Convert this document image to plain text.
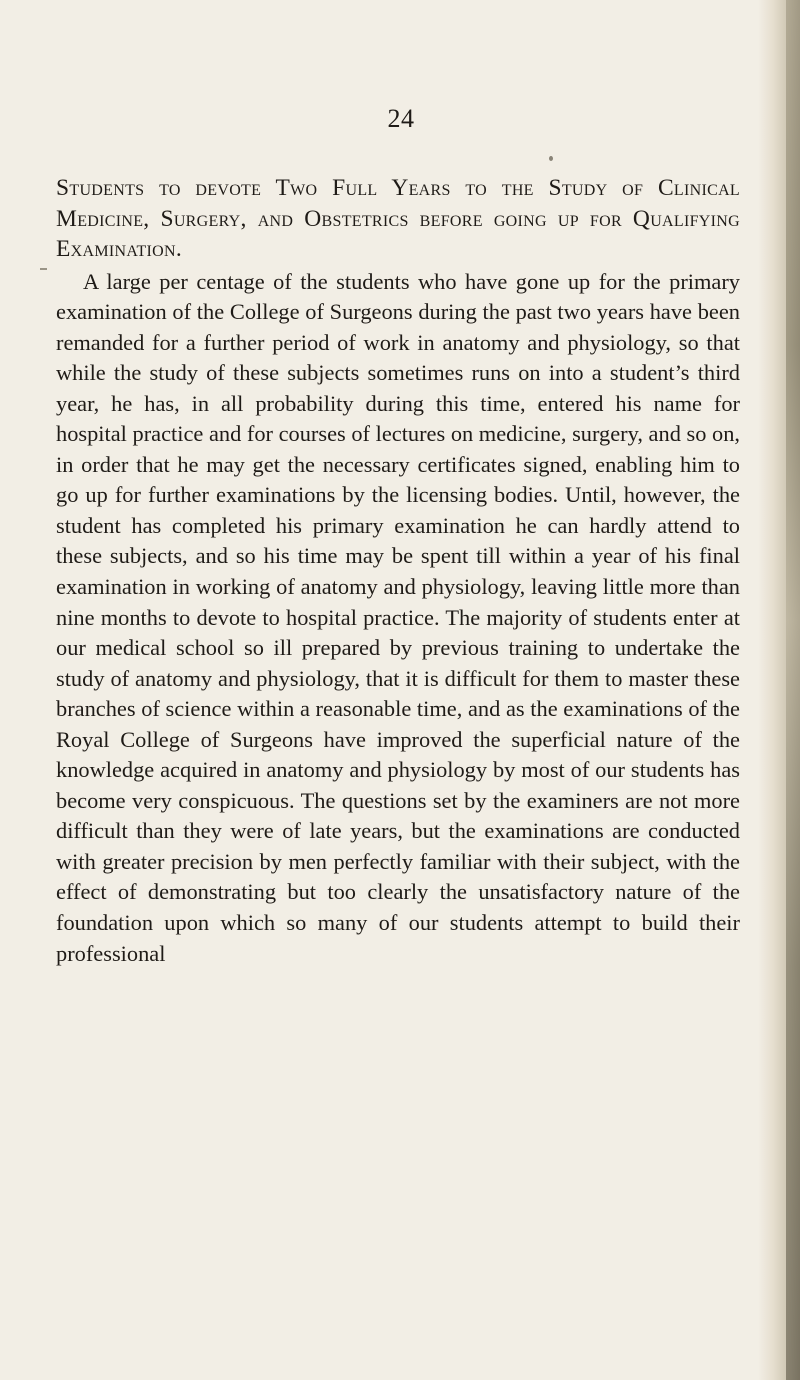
24

Students to devote Two Full Years to the Study of Clinical Medicine, Surgery, and Obstetrics before going up for Qualifying Examination.

A large per centage of the students who have gone up for the primary examination of the College of Surgeons during the past two years have been remanded for a further period of work in anatomy and physiology, so that while the study of these subjects sometimes runs on into a student’s third year, he has, in all probability during this time, entered his name for hospital practice and for courses of lectures on medicine, surgery, and so on, in order that he may get the necessary certificates signed, enabling him to go up for further examinations by the licensing bodies. Until, however, the student has completed his primary examination he can hardly attend to these subjects, and so his time may be spent till within a year of his final examination in working of anatomy and physiology, leaving little more than nine months to devote to hospital practice. The majority of students enter at our medical school so ill prepared by previous training to undertake the study of anatomy and physiology, that it is difficult for them to master these branches of science within a reasonable time, and as the examinations of the Royal College of Surgeons have improved the superficial nature of the knowledge acquired in anatomy and physiology by most of our students has become very conspicuous. The questions set by the examiners are not more difficult than they were of late years, but the examinations are conducted with greater precision by men perfectly familiar with their subject, with the effect of demonstrating but too clearly the unsatisfactory nature of the foundation upon which so many of our students attempt to build their professional
